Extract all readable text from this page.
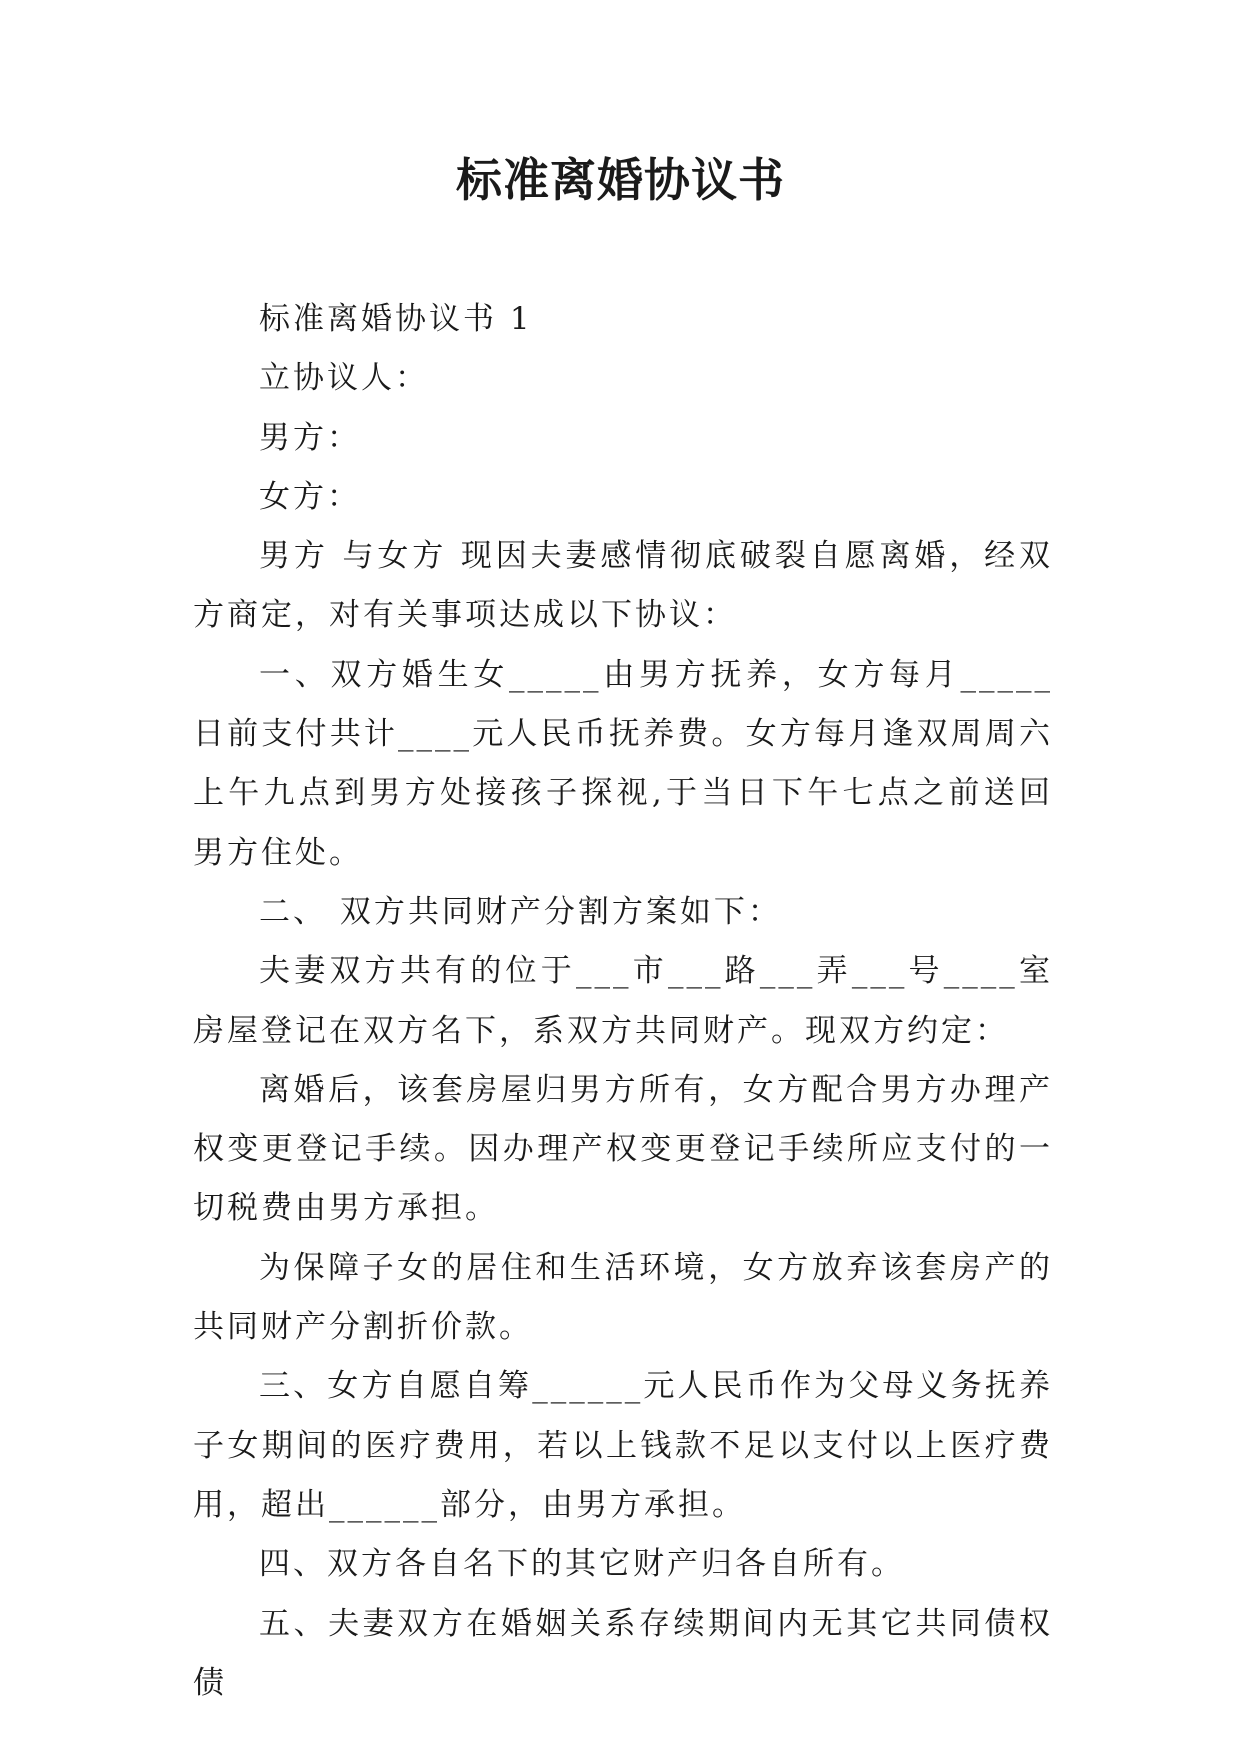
标准离婚协议书

标准离婚协议书 1

立协议人：

男方：

女方：

男方 与女方 现因夫妻感情彻底破裂自愿离婚，经双方商定，对有关事项达成以下协议：

一、双方婚生女_____由男方抚养，女方每月_____日前支付共计____元人民币抚养费。女方每月逢双周周六上午九点到男方处接孩子探视,于当日下午七点之前送回男方住处。

二、 双方共同财产分割方案如下：

夫妻双方共有的位于___市___路___弄___号____室房屋登记在双方名下，系双方共同财产。现双方约定：

离婚后，该套房屋归男方所有，女方配合男方办理产权变更登记手续。因办理产权变更登记手续所应支付的一切税费由男方承担。

为保障子女的居住和生活环境，女方放弃该套房产的共同财产分割折价款。

三、女方自愿自筹______元人民币作为父母义务抚养子女期间的医疗费用，若以上钱款不足以支付以上医疗费用，超出______部分，由男方承担。

四、双方各自名下的其它财产归各自所有。

五、夫妻双方在婚姻关系存续期间内无其它共同债权债
